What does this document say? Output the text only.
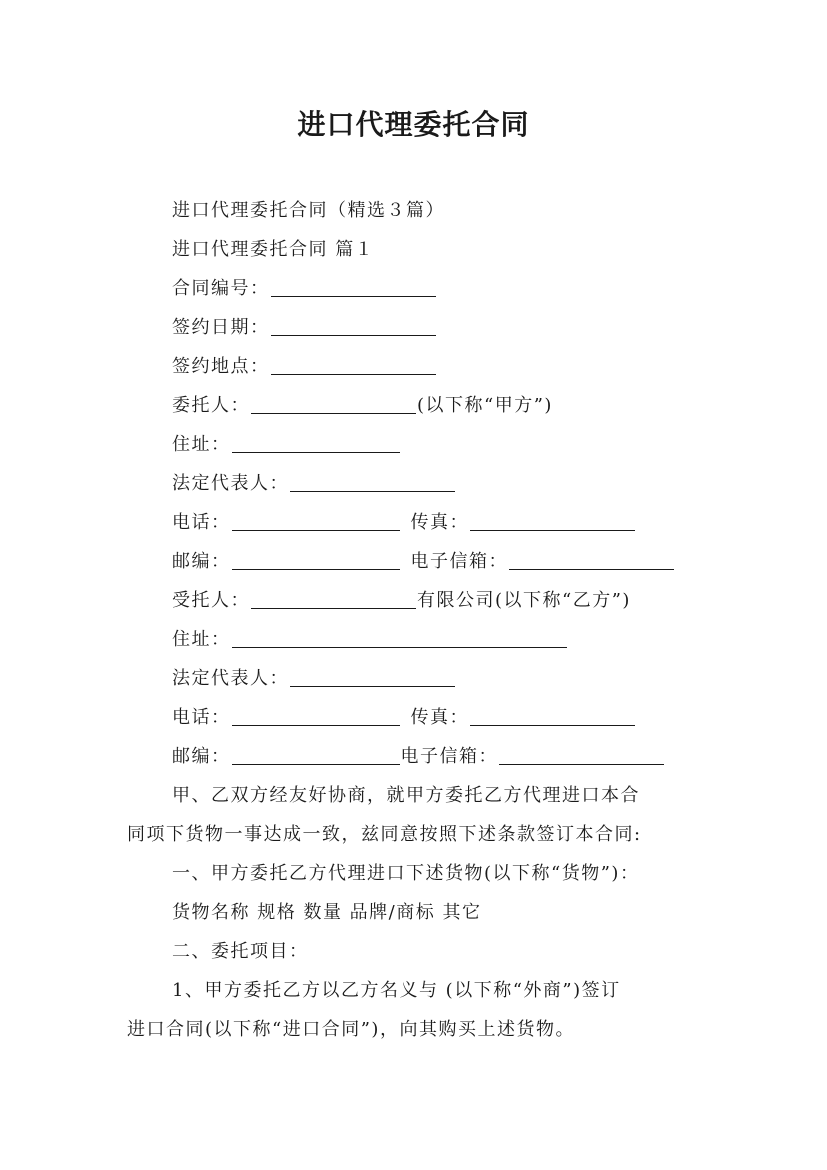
进口代理委托合同
进口代理委托合同（精选３篇）
进口代理委托合同 篇１
合同编号：
签约日期：
签约地点：
委托人：	(以下称“甲方”)
住址：
法定代表人：
电话：	传真：
邮编：	电子信箱：
受托人：	有限公司(以下称“乙方”)
住址：
法定代表人：
电话：	传真：
邮编：	电子信箱：
甲、乙双方经友好协商，就甲方委托乙方代理进口本合
同项下货物一事达成一致，兹同意按照下述条款签订本合同:
一、甲方委托乙方代理进口下述货物(以下称“货物”)：
货物名称 规格 数量 品牌/商标 其它
二、委托项目：
1、甲方委托乙方以乙方名义与 (以下称“外商”)签订
进口合同(以下称“进口合同”)，向其购买上述货物。
